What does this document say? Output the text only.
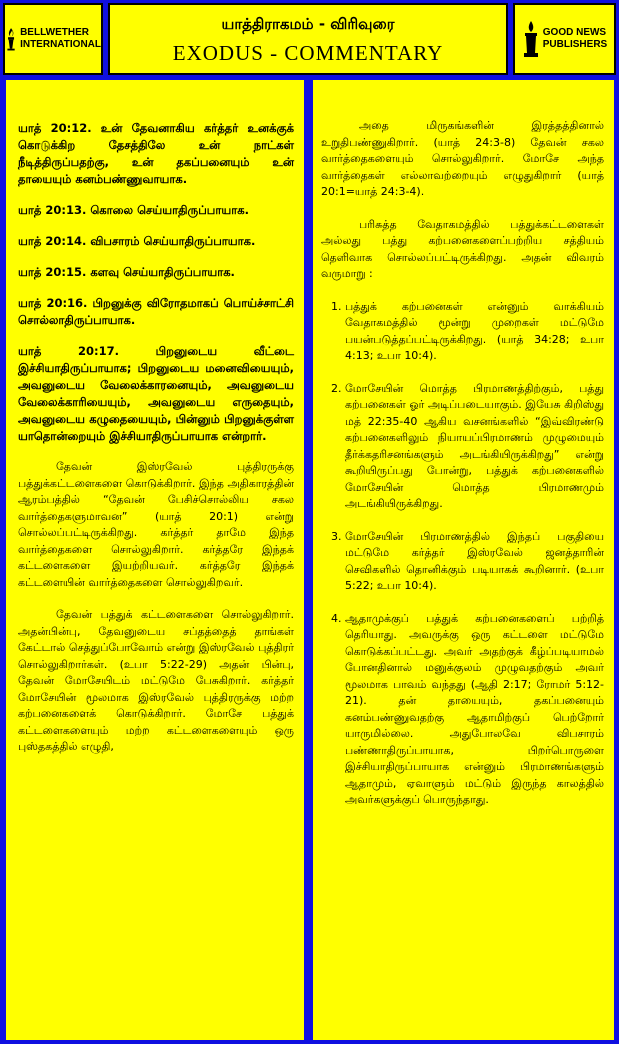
BELLWETHER
INTERNATIONAL
யாத்திராகமம் - விரிவுரை
EXODUS - COMMENTARY
GOOD NEWS
PUBLISHERS

யாத் 20:12. உன் தேவனாகிய கர்த்தர் உனக்குக் கொடுக்கிற தேசத்திலே உன் நாட்கள் நீடித்திருப்பதற்கு, உன் தகப்பனையும் உன் தாயையும் கனம்பண்ணுவாயாக.

யாத் 20:13. கொலை செய்யாதிருப்பாயாக.

யாத் 20:14. விபசாரம் செய்யாதிருப்பாயாக.

யாத் 20:15. களவு செய்யாதிருப்பாயாக.

யாத் 20:16. பிறனுக்கு விரோதமாகப் பொய்ச்சாட்சி சொல்லாதிருப்பாயாக.

யாத் 20:17. பிறனுடைய வீட்டை இச்சியாதிருப்பாயாக; பிறனுடைய மனைவியையும், அவனுடைய வேலைக்காரனையும், அவனுடைய வேலைக்காரியையும், அவனுடைய எருதையும், அவனுடைய கழுதையையும், பின்னும் பிறனுக்குள்ள யாதொன்றையும் இச்சியாதிருப்பாயாக என்றார்.

தேவன் இஸ்ரவேல் புத்திரருக்கு பத்துக்கட்டளைகளை கொடுக்கிறார். இந்த அதிகாரத்தின் ஆரம்பத்தில் “தேவன் பேசிச்சொல்லிய சகல வார்த்தைகளுமாவன” (யாத் 20:1) என்று சொல்லப்பட்டிருக்கிறது. கர்த்தர் தாமே இந்த வார்த்தைகளை சொல்லுகிறார். கர்த்தரே இந்தக் கட்டளைகளை இயற்றியவர். கர்த்தரே இந்தக் கட்டளையின் வார்த்தைகளை சொல்லுகிறவர்.

தேவன் பத்துக் கட்டளைகளை சொல்லுகிறார். அதன்பின்பு, தேவனுடைய சப்தத்தைத் தாங்கள் கேட்டால் செத்துப்போவோம் என்று இஸ்ரவேல் புத்திரர் சொல்லுகிறார்கள். (உபா 5:22-29) அதன் பின்பு, தேவன் மோசேயிடம் மட்டுமே பேசுகிறார். கர்த்தர் மோசேயின் மூலமாக இஸ்ரவேல் புத்திரருக்கு மற்ற கற்பனைகளைக் கொடுக்கிறார். மோசே பத்துக் கட்டளைகளையும் மற்ற கட்டளைகளையும் ஒரு புஸ்தகத்தில் எழுதி,

அதை மிருகங்களின் இரத்தத்தினால் உறுதிபண்ணுகிறார். (யாத் 24:3-8) தேவன் சகல வார்த்தைகளையும் சொல்லுகிறார். மோசே அந்த வார்த்தைகள் எல்லாவற்றையும் எழுதுகிறார் (யாத் 20:1=யாத் 24:3-4).

பரிசுத்த வேதாகமத்தில் பத்துக்கட்டளைகள் அல்லது பத்து கற்பனைகளைப்பற்றிய சத்தியம் தெளிவாக சொல்லப்பட்டிருக்கிறது. அதன் விவரம் வருமாறு :

1. பத்துக் கற்பனைகள் என்னும் வாக்கியம் வேதாகமத்தில் மூன்று முறைகள் மட்டுமே பயன்படுத்தப்பட்டிருக்கிறது. (யாத் 34:28; உபா 4:13; உபா 10:4).
2. மோசேயின் மொத்த பிரமாணத்திற்கும், பத்து கற்பனைகள் ஓர் அடிப்படையாகும். இயேசு கிறிஸ்து மத் 22:35-40 ஆகிய வசனங்களில் “இவ்விரண்டு கற்பனைகளிலும் நியாயப்பிரமாணம் முழுமையும் தீர்க்கதரிசனங்களும் அடங்கியிருக்கிறது” என்று கூறியிருப்பது போன்று, பத்துக் கற்பனைகளில் மோசேயின் மொத்த பிரமாணமும் அடங்கியிருக்கிறது.
3. மோசேயின் பிரமாணத்தில் இந்தப் பகுதியை மட்டுமே கர்த்தர் இஸ்ரவேல் ஜனத்தாரின் செவிகளில் தொனிக்கும் படியாகக் கூறினார். (உபா 5:22; உபா 10:4).
4. ஆதாமுக்குப் பத்துக் கற்பனைகளைப் பற்றித் தெரியாது. அவருக்கு ஒரு கட்டளை மட்டுமே கொடுக்கப்பட்டது. அவர் அதற்குக் கீழ்ப்படியாமல் போனதினால் மனுக்குலம் முழுவதற்கும் அவர் மூலமாக பாவம் வந்தது (ஆதி 2:17; ரோமர் 5:12-21). தன் தாயையும், தகப்பனையும் கனம்பண்ணுவதற்கு ஆதாமிற்குப் பெற்றோர் யாருமில்லை. அதுபோலவே விபசாரம் பண்ணாதிருப்பாயாக, பிறர்பொருளை இச்சியாதிருப்பாயாக என்னும் பிரமாணங்களும் ஆதாமும், ஏவாளும் மட்டும் இருந்த காலத்தில் அவர்களுக்குப் பொருந்தாது.
